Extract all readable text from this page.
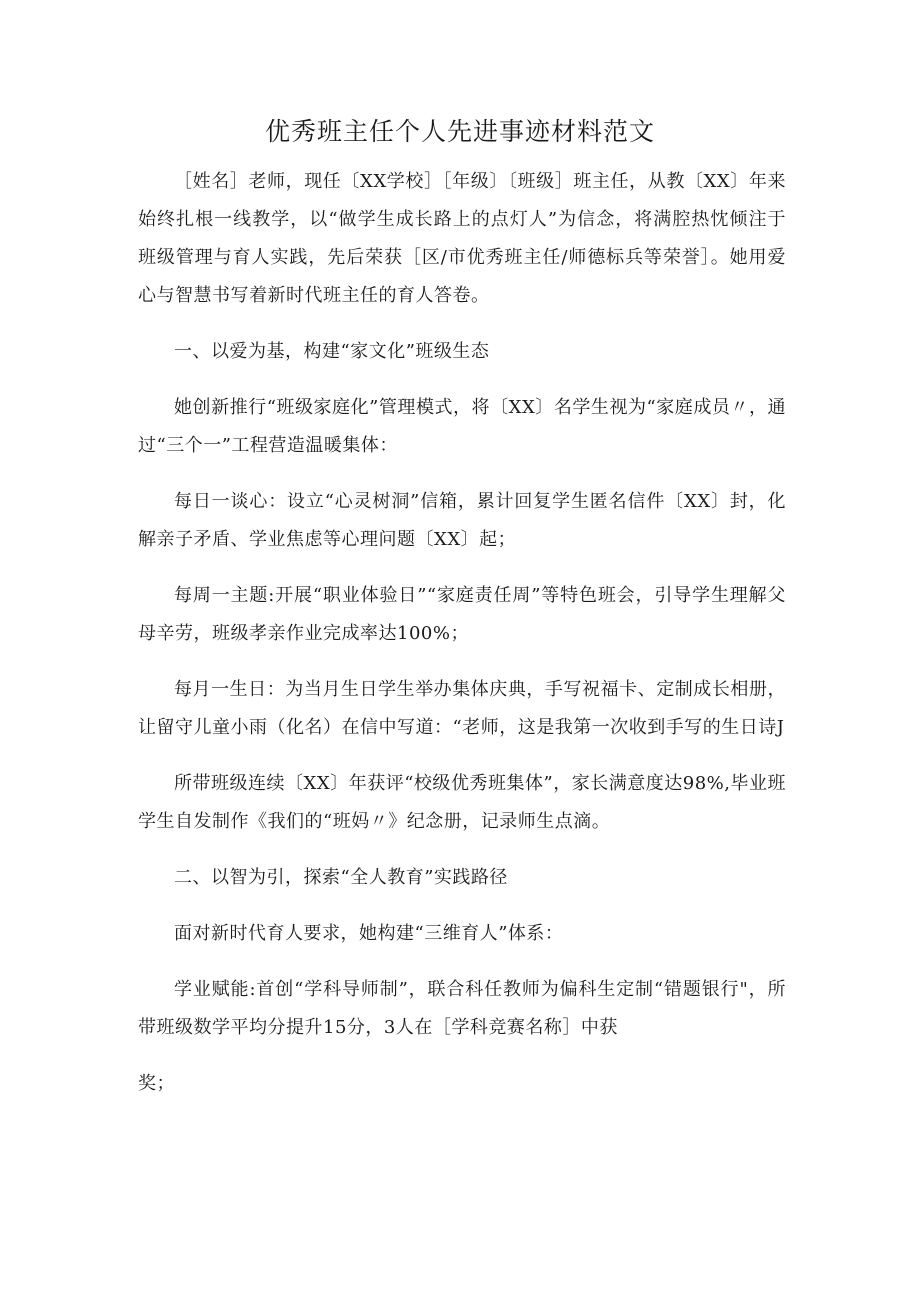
优秀班主任个人先进事迹材料范文

［姓名］老师，现任〔XX学校］［年级〕〔班级］班主任，从教〔XX〕年来始终扎根一线教学，以“做学生成长路上的点灯人”为信念，将满腔热忱倾注于班级管理与育人实践，先后荣获［区/市优秀班主任/师德标兵等荣誉］。她用爱心与智慧书写着新时代班主任的育人答卷。

一、以爱为基，构建“家文化”班级生态

她创新推行“班级家庭化”管理模式，将〔XX〕名学生视为“家庭成员〃，通过“三个一”工程营造温暖集体：

每日一谈心：设立“心灵树洞”信箱，累计回复学生匿名信件〔XX〕封，化解亲子矛盾、学业焦虑等心理问题〔XX〕起；

每周一主题:开展“职业体验日”“家庭责任周”等特色班会，引导学生理解父母辛劳，班级孝亲作业完成率达100%；

每月一生日：为当月生日学生举办集体庆典，手写祝福卡、定制成长相册，让留守儿童小雨（化名）在信中写道：“老师，这是我第一次收到手写的生日诗J

所带班级连续〔XX〕年获评“校级优秀班集体”，家长满意度达98%,毕业班学生自发制作《我们的“班妈〃》纪念册，记录师生点滴。

二、以智为引，探索“全人教育”实践路径

面对新时代育人要求，她构建“三维育人”体系：

学业赋能:首创“学科导师制”，联合科任教师为偏科生定制“错题银行"，所带班级数学平均分提升15分，3人在［学科竞赛名称］中获

奖；
